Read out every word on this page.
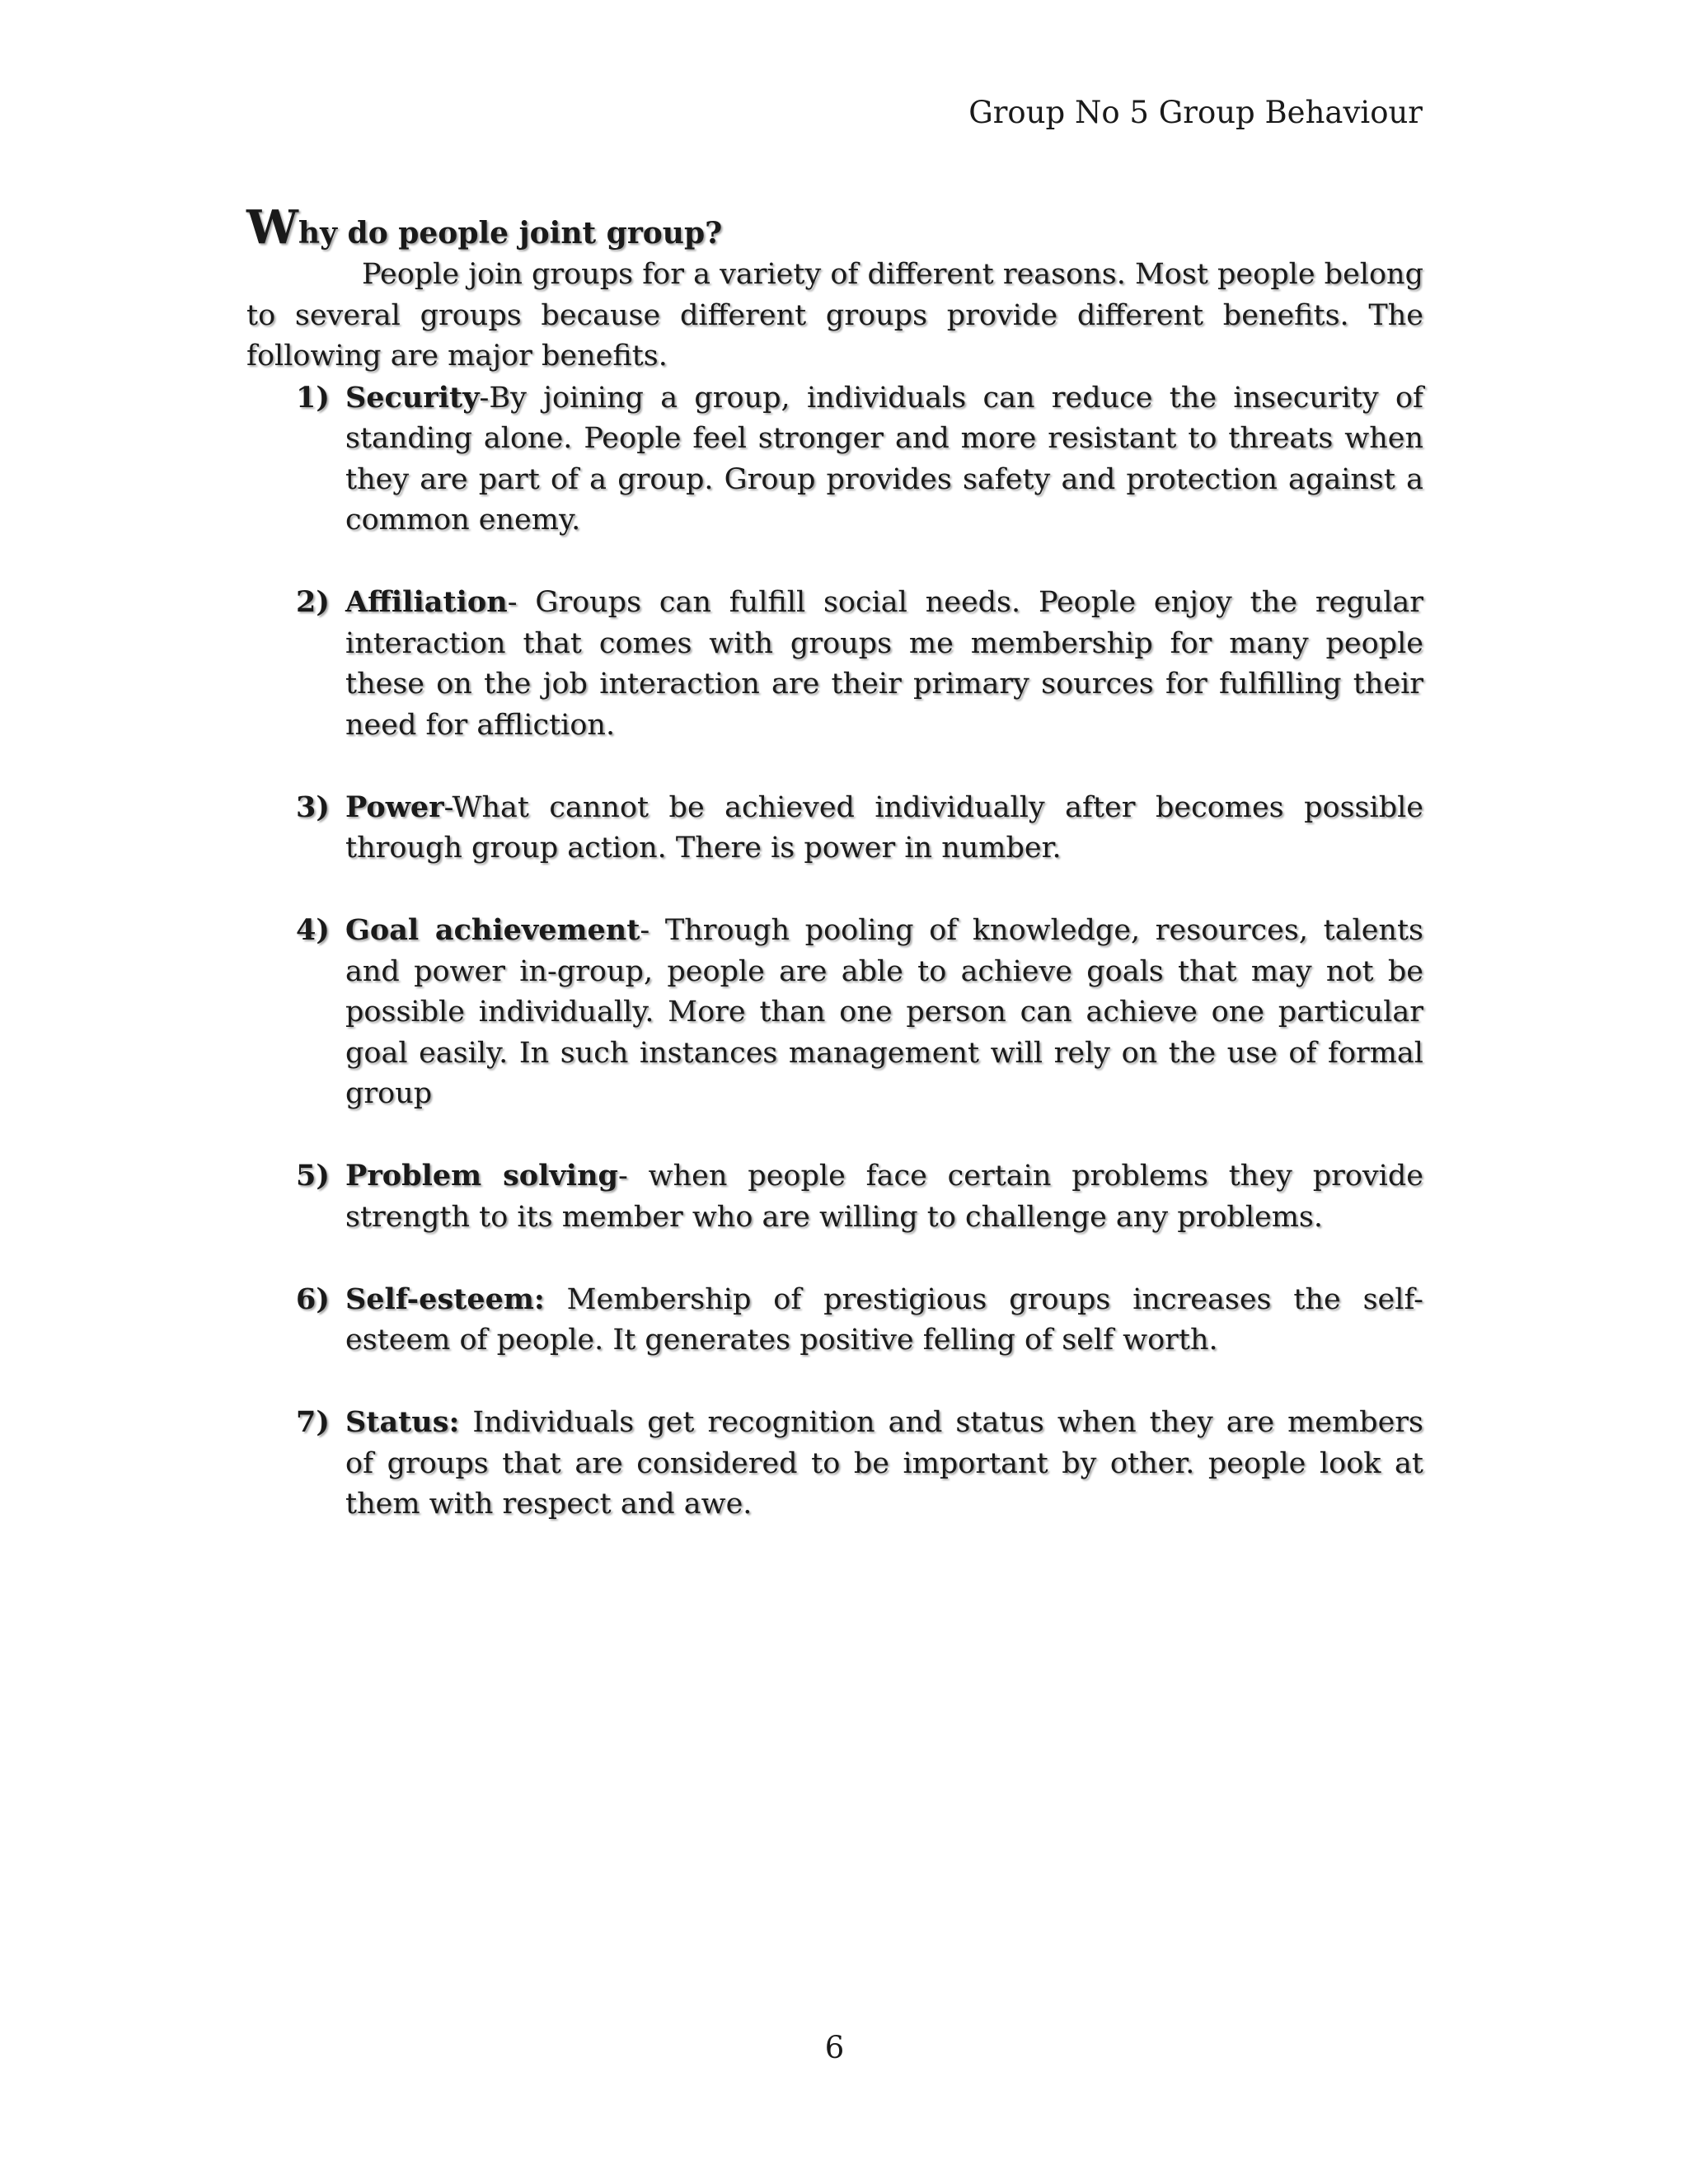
Group No 5 Group Behaviour

Why do people joint group?

People join groups for a variety of different reasons. Most people belong to several groups because different groups provide different benefits. The following are major benefits.

1) Security-By joining a group, individuals can reduce the insecurity of standing alone. People feel stronger and more resistant to threats when they are part of a group. Group provides safety and protection against a common enemy.
2) Affiliation- Groups can fulfill social needs. People enjoy the regular interaction that comes with groups me membership for many people these on the job interaction are their primary sources for fulfilling their need for affliction.
3) Power-What cannot be achieved individually after becomes possible through group action. There is power in number.
4) Goal achievement- Through pooling of knowledge, resources, talents and power in-group, people are able to achieve goals that may not be possible individually. More than one person can achieve one particular goal easily. In such instances management will rely on the use of formal group
5) Problem solving- when people face certain problems they provide strength to its member who are willing to challenge any problems.
6) Self-esteem: Membership of prestigious groups increases the self-esteem of people. It generates positive felling of self worth.
7) Status: Individuals get recognition and status when they are members of groups that are considered to be important by other. people look at them with respect and awe.
6
